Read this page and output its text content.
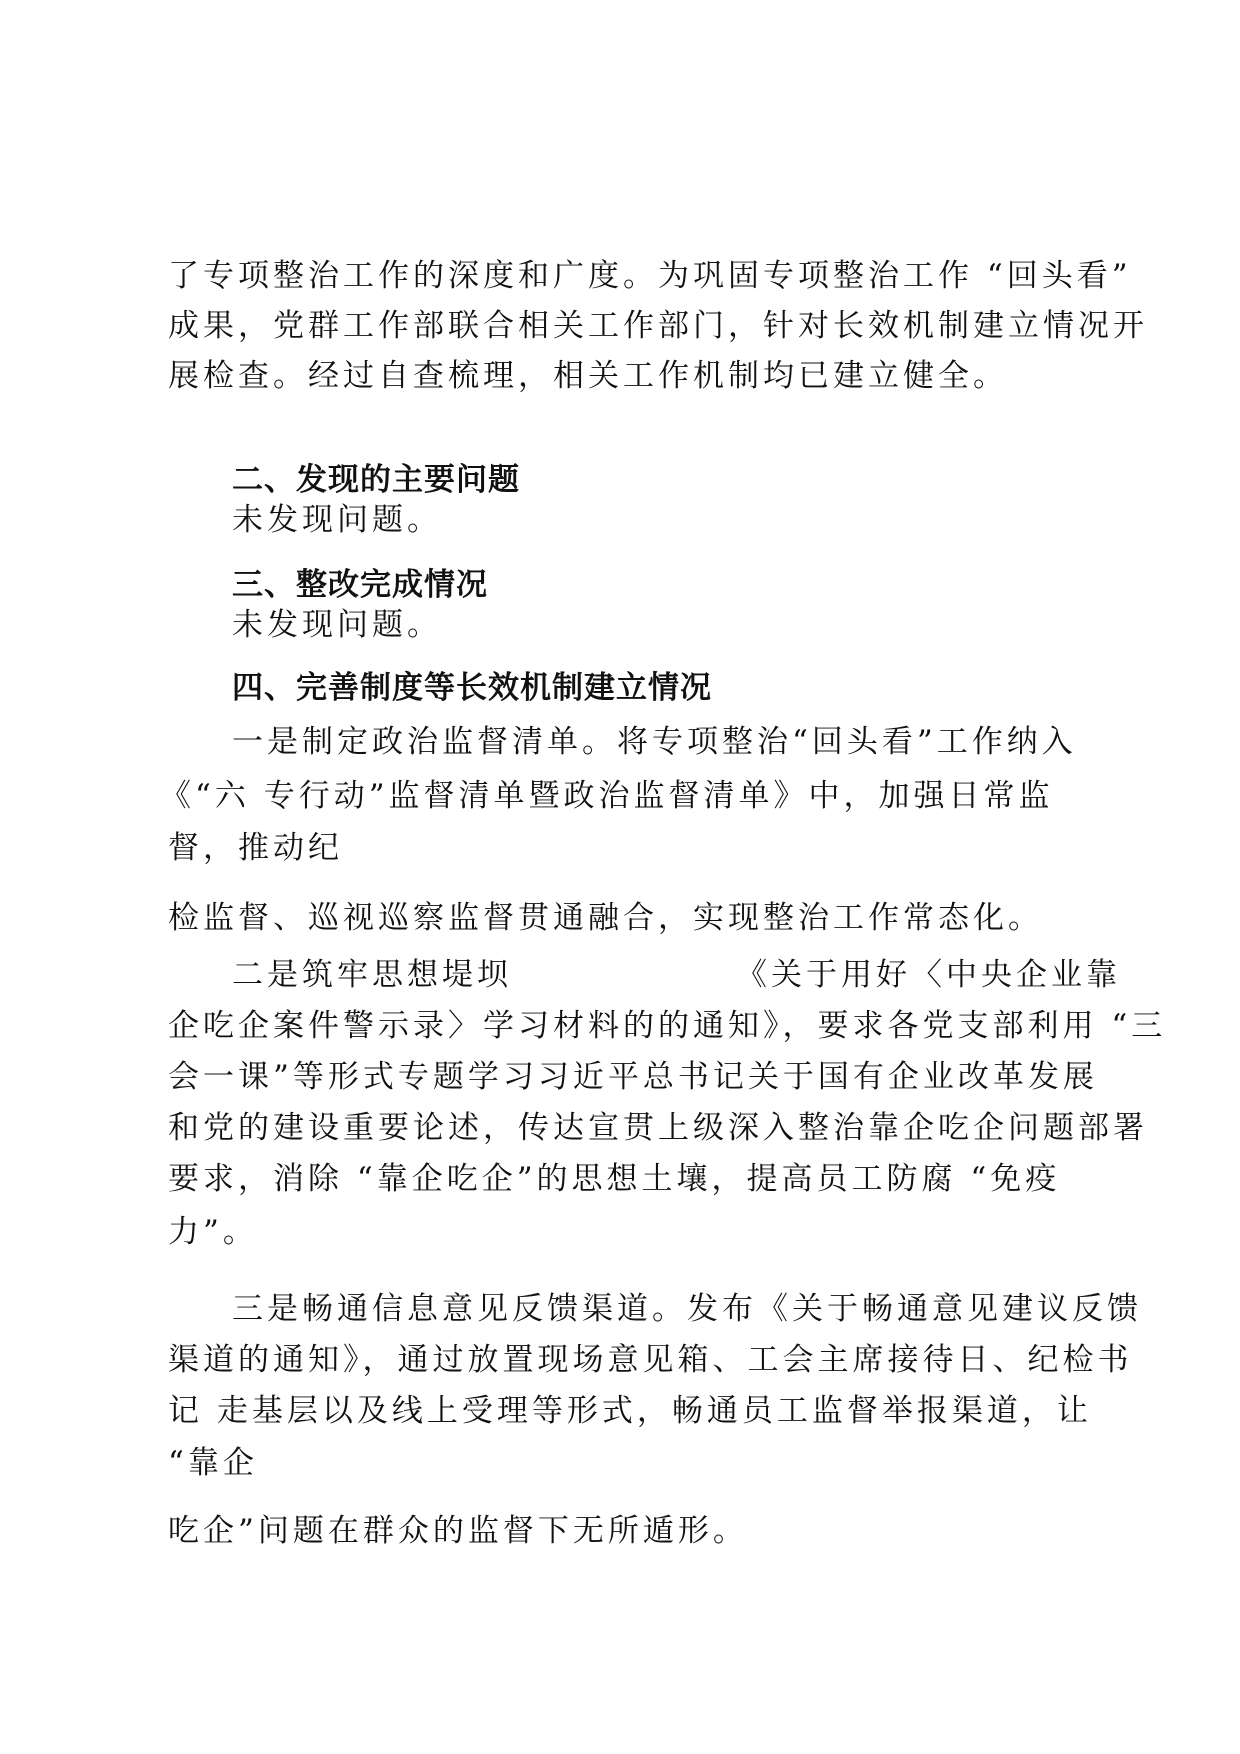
了专项整治工作的深度和广度。为巩固专项整治工作 “回头看”
成果，党群工作部联合相关工作部门，针对长效机制建立情况开
展检查。经过自查梳理，相关工作机制均已建立健全。
二、发现的主要问题
未发现问题。
三、整改完成情况
未发现问题。
四、完善制度等长效机制建立情况
一是制定政治监督清单。将专项整治“回头看”工作纳入
《“六 专行动”监督清单暨政治监督清单》中，加强日常监
督，推动纪
检监督、巡视巡察监督贯通融合，实现整治工作常态化。
二是筑牢思想堤坝	《关于用好〈中央企业靠
企吃企案件警示录〉学习材料的的通知》，要求各党支部利用 “三
会一课”等形式专题学习习近平总书记关于国有企业改革发展
和党的建设重要论述，传达宣贯上级深入整治靠企吃企问题部署
要求，消除 “靠企吃企”的思想土壤，提高员工防腐 “免疫
力”。
三是畅通信息意见反馈渠道。发布《关于畅通意见建议反馈
渠道的通知》，通过放置现场意见箱、工会主席接待日、纪检书
记 走基层以及线上受理等形式，畅通员工监督举报渠道，让
“靠企
吃企”问题在群众的监督下无所遁形。
